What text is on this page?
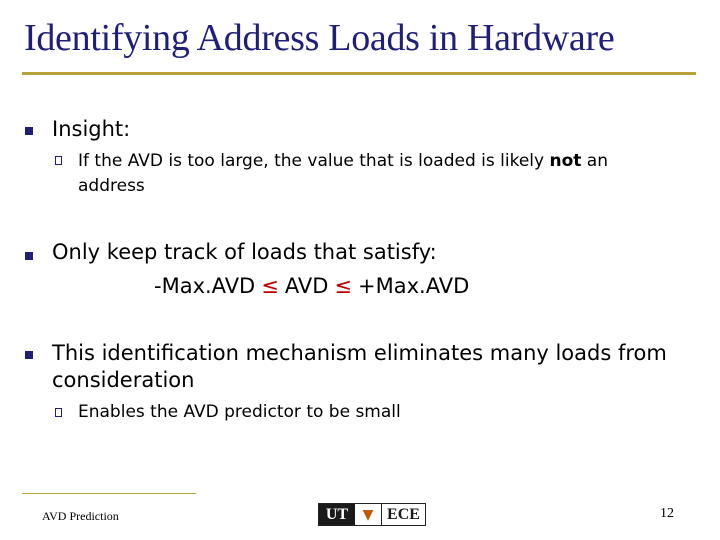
Identifying Address Loads in Hardware
Insight:
If the AVD is too large, the value that is loaded is likely not an
address
Only keep track of loads that satisfy:
-Max.AVD ≤ AVD ≤ +Max.AVD
This identification mechanism eliminates many loads from
consideration
Enables the AVD predictor to be small
AVD Prediction	UT	▼ ECE	12
